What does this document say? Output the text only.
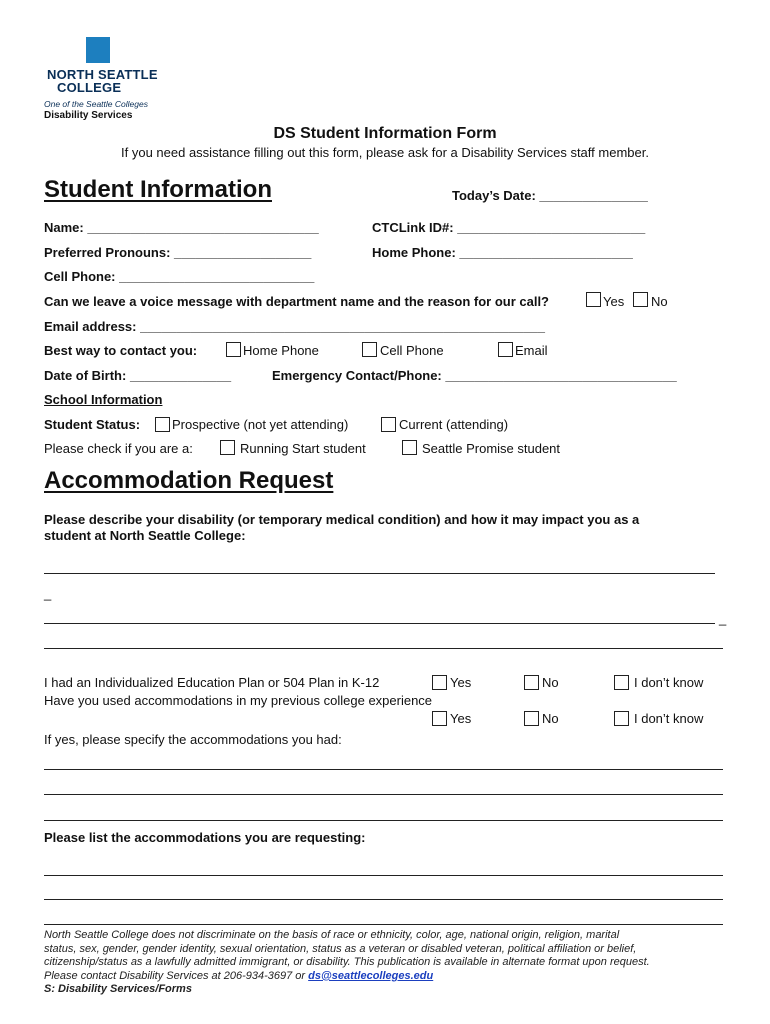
NORTH SEATTLE
COLLEGE
One of the Seattle Colleges
Disability Services
DS Student Information Form
If you need assistance filling out this form, please ask for a Disability Services staff member.
Student Information	Today’s Date: _______________
Name: ________________________________	CTCLink ID#: __________________________
Preferred Pronouns: ___________________	Home Phone: ________________________
Cell Phone: ___________________________
Can we leave a voice message with department name and the reason for our call?	Yes No
Email address: ________________________________________________________
Best way to contact you:	Home Phone	Cell Phone	Email
Date of Birth: ______________	Emergency Contact/Phone: ________________________________
School Information
Student Status: Prospective (not yet attending)	Current (attending)
Please check if you are a:	Running Start student	Seattle Promise student
Accommodation Request
Please describe your disability (or temporary medical condition) and how it may impact you as a
student at North Seattle College:
_
_
I had an Individualized Education Plan or 504 Plan in K-12	Yes	No	I don’t know
Have you used accommodations in my previous college experience
Yes	No	I don’t know
If yes, please specify the accommodations you had:
Please list the accommodations you are requesting:
North Seattle College does not discriminate on the basis of race or ethnicity, color, age, national origin, religion, marital status, sex, gender, gender identity, sexual orientation, status as a veteran or disabled veteran, political affiliation or belief, citizenship/status as a lawfully admitted immigrant, or disability. This publication is available in alternate format upon request. Please contact Disability Services at 206-934-3697 or ds@seattlecolleges.edu
S: Disability Services/Forms
